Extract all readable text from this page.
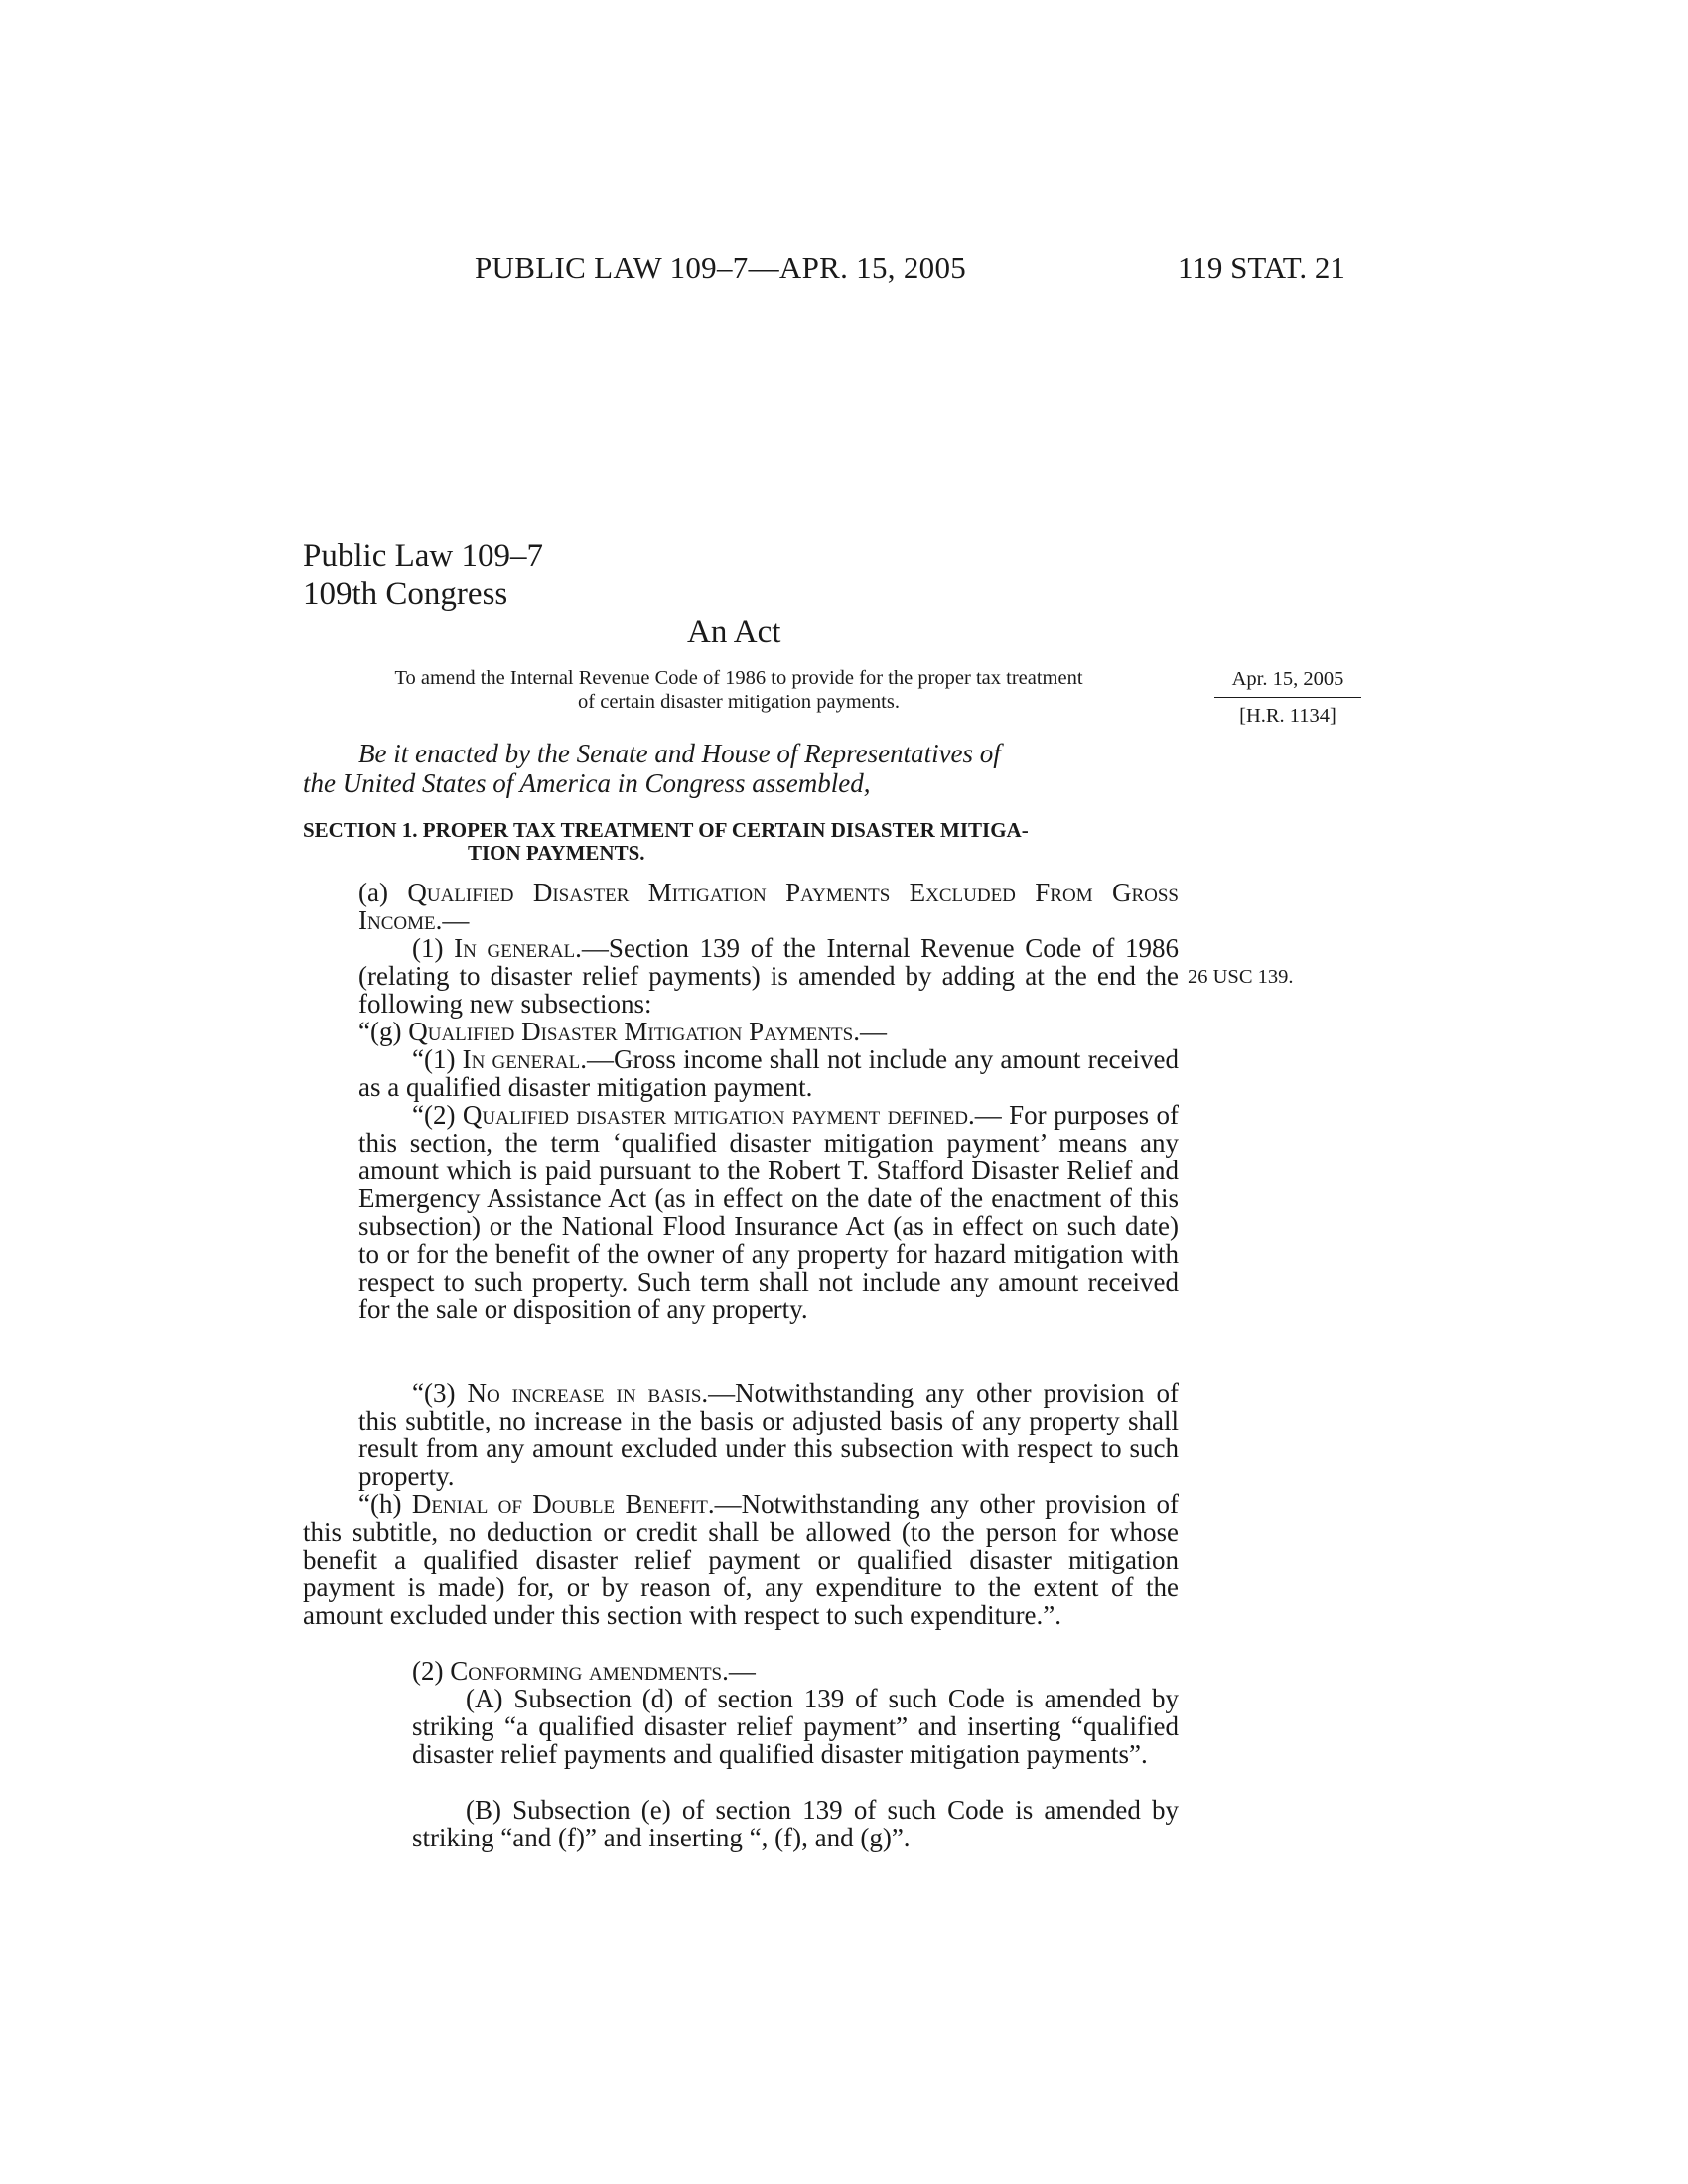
PUBLIC LAW 109–7—APR. 15, 2005	119 STAT. 21
Public Law 109–7
109th Congress
An Act
To amend the Internal Revenue Code of 1986 to provide for the proper tax treatment
of certain disaster mitigation payments.
Apr. 15, 2005
[H.R. 1134]
Be it enacted by the Senate and House of Representatives of
the United States of America in Congress assembled,
SECTION 1. PROPER TAX TREATMENT OF CERTAIN DISASTER MITIGA-
TION PAYMENTS.
(a) Qualified Disaster Mitigation Payments Excluded From Gross Income.—
(1) In general.—Section 139 of the Internal Revenue Code of 1986 (relating to disaster relief payments) is amended by adding at the end the following new subsections:
26 USC 139.
“(g) Qualified Disaster Mitigation Payments.—
“(1) In general.—Gross income shall not include any amount received as a qualified disaster mitigation payment.
“(2) Qualified disaster mitigation payment defined.— For purposes of this section, the term ‘qualified disaster mitigation payment’ means any amount which is paid pursuant to the Robert T. Stafford Disaster Relief and Emergency Assistance Act (as in effect on the date of the enactment of this subsection) or the National Flood Insurance Act (as in effect on such date) to or for the benefit of the owner of any property for hazard mitigation with respect to such property. Such term shall not include any amount received for the sale or disposition of any property.
“(3) No increase in basis.—Notwithstanding any other provision of this subtitle, no increase in the basis or adjusted basis of any property shall result from any amount excluded under this subsection with respect to such property.
“(h) Denial of Double Benefit.—Notwithstanding any other provision of this subtitle, no deduction or credit shall be allowed (to the person for whose benefit a qualified disaster relief payment or qualified disaster mitigation payment is made) for, or by reason of, any expenditure to the extent of the amount excluded under this section with respect to such expenditure.”.
(2) Conforming amendments.—
(A) Subsection (d) of section 139 of such Code is amended by striking “a qualified disaster relief payment” and inserting “qualified disaster relief payments and qualified disaster mitigation payments”.
(B) Subsection (e) of section 139 of such Code is amended by striking “and (f)” and inserting “, (f), and (g)”.
